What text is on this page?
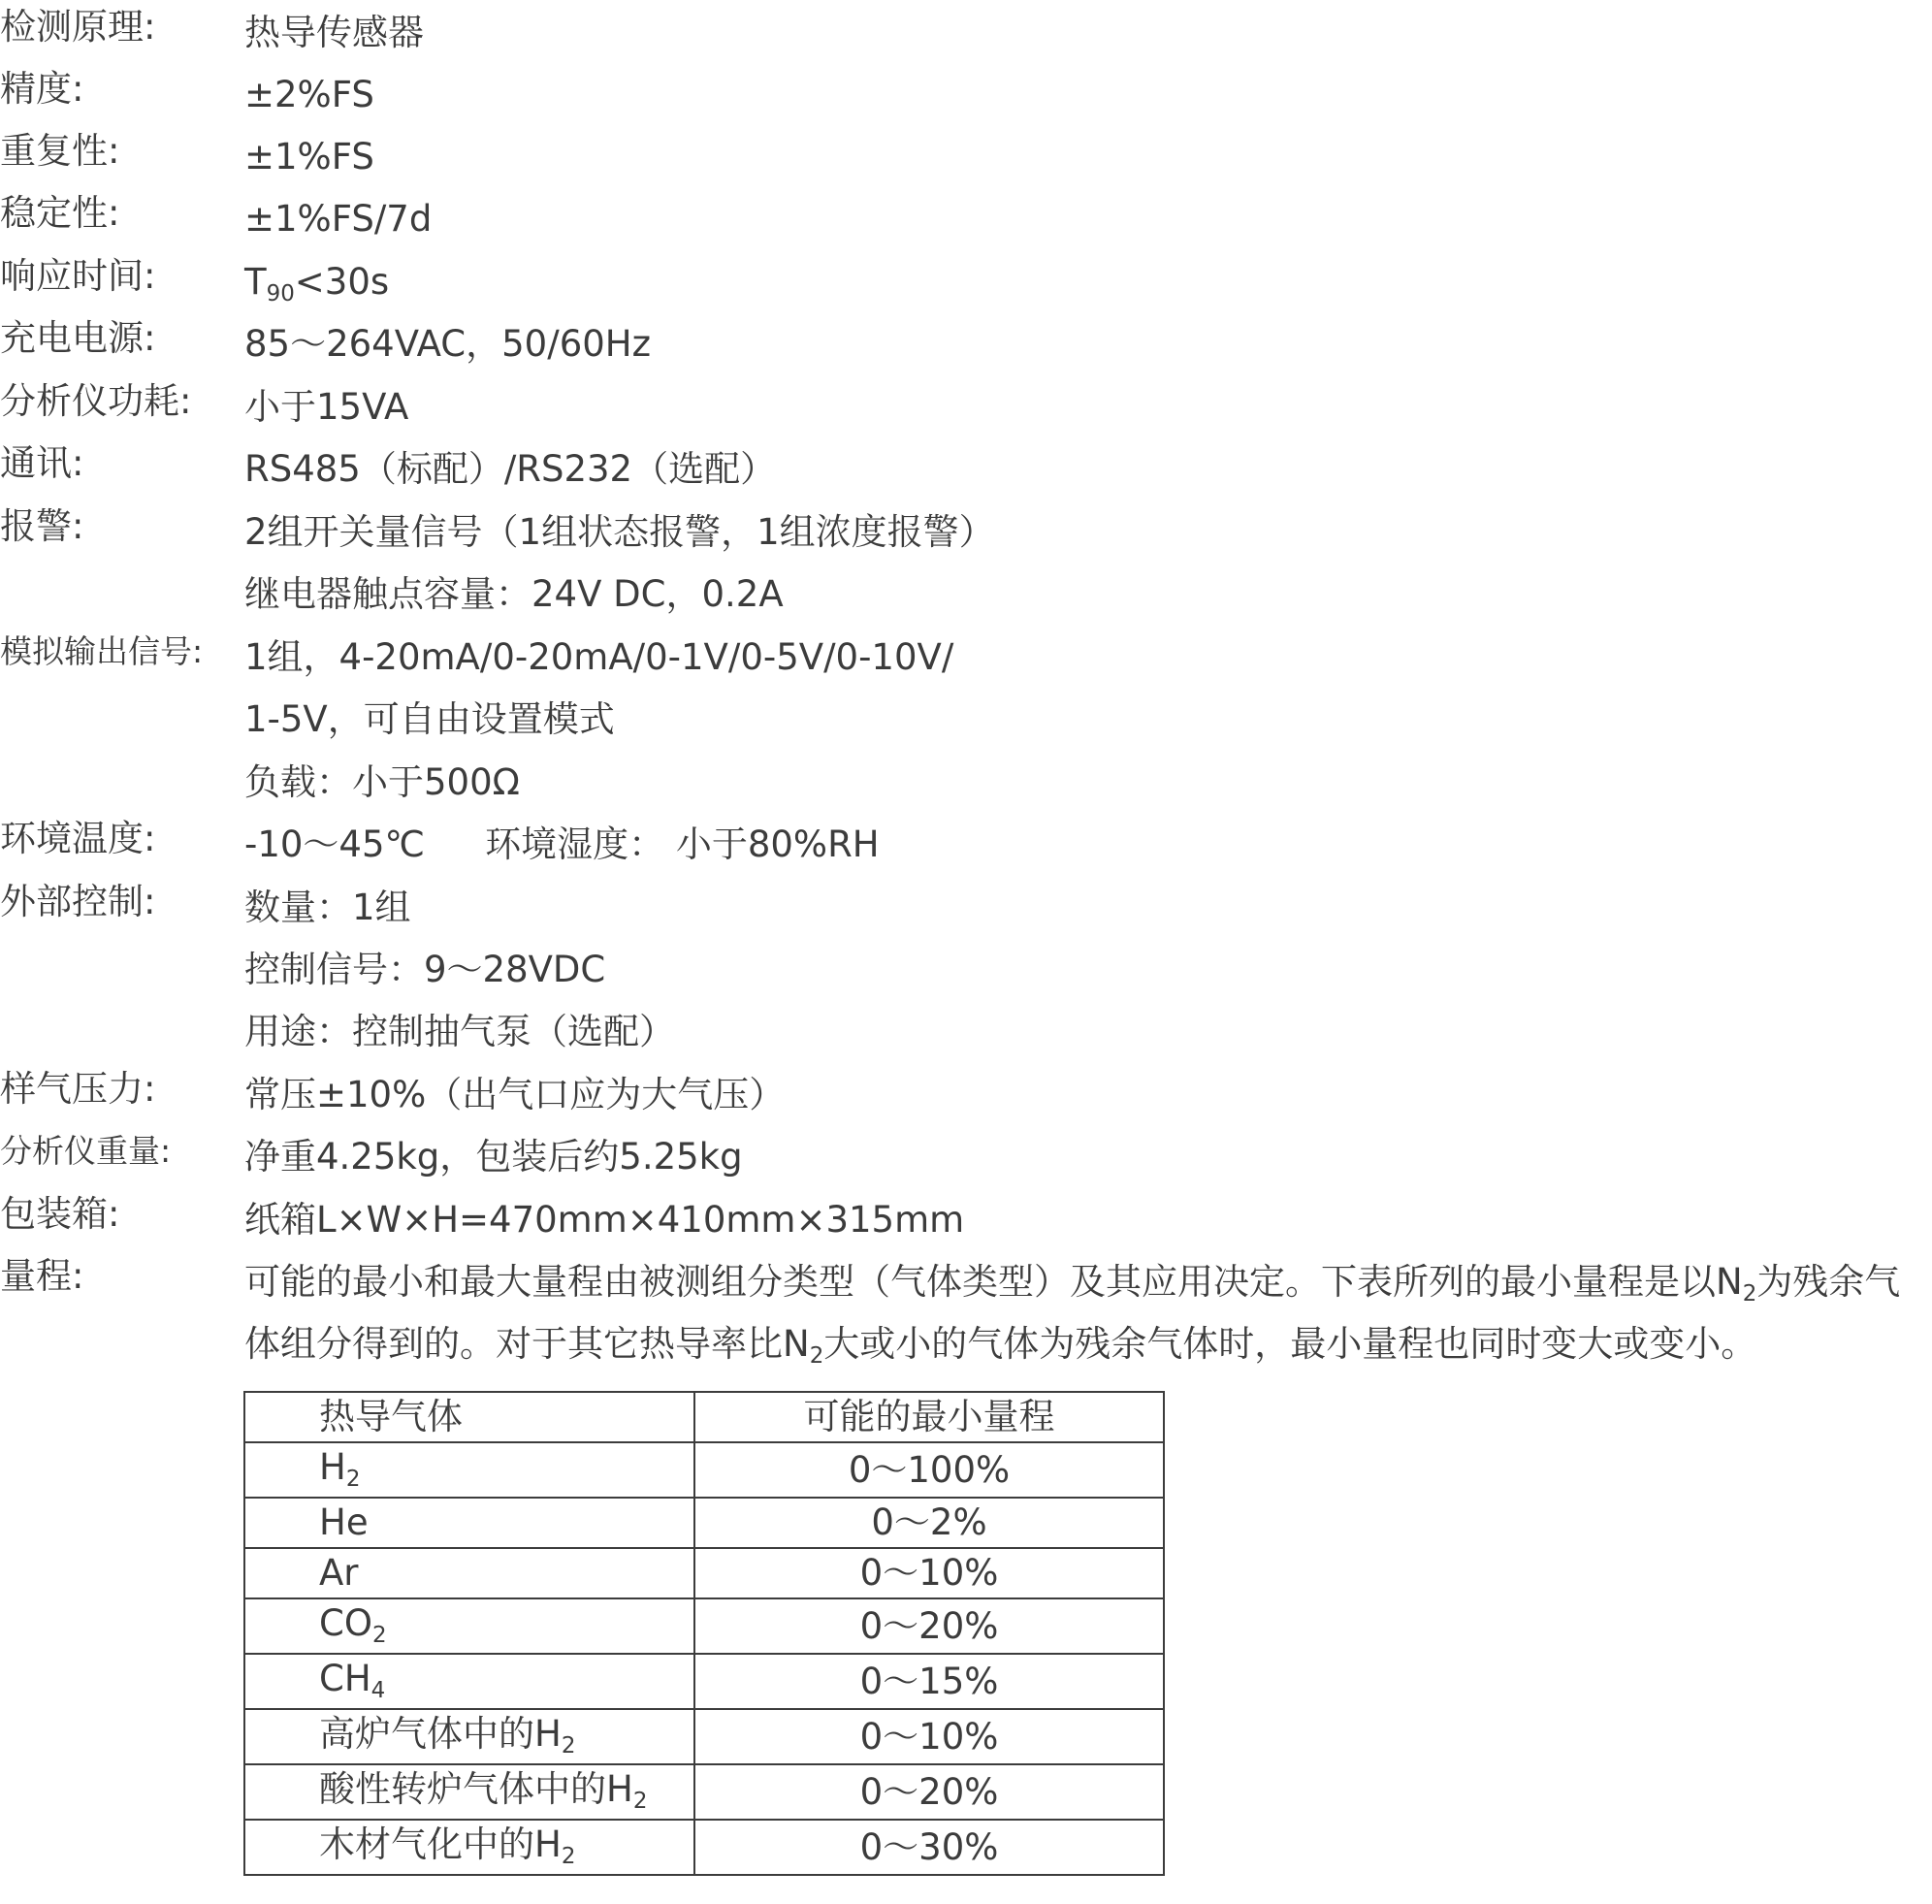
检测原理: 热导传感器
精度:	±2%FS
重复性:	±1%FS
稳定性:	±1%FS/7d
响应时间: $T_{90}<30s$
充电电源: 85～264VAC，50/60Hz
分析仪功耗: 小于15VA
通讯:	RS485（标配）/RS232（选配）
报警:	2组开关量信号（1组状态报警，1组浓度报警）
继电器触点容量：24V DC，0.2A
模拟输出信号: 1组，4-20mA/0-20mA/0-1V/0-5V/0-10V/
1-5V，可自由设置模式
负载：小于500Ω
环境温度: -10～45℃ 环境湿度： 小于80%RH
外部控制: 数量：1组
控制信号：9～28VDC
用途：控制抽气泵（选配）
样气压力: 常压±10%（出气口应为大气压）
分析仪重量: 净重4.25kg，包装后约5.25kg
包装箱:	纸箱L×W×H=470mm×410mm×315mm
量程:	可能的最小和最大量程由被测组分类型（气体类型）及其应用决定。下表所列的最小量程是以$N_2$为残余气
体组分得到的。对于其它热导率比$N_2$大或小的气体为残余气体时，最小量程也同时变大或变小。
热导气体	可能的最小量程
$H_2$	0～100%
He	0～2%
Ar	0～10%
$CO_2$	0～20%
$CH_4$	0～15%
高炉气体中的$H_2$	0～10%
酸性转炉气体中的$H_2$	0～20%
木材气化中的$H_2$	0～30%
